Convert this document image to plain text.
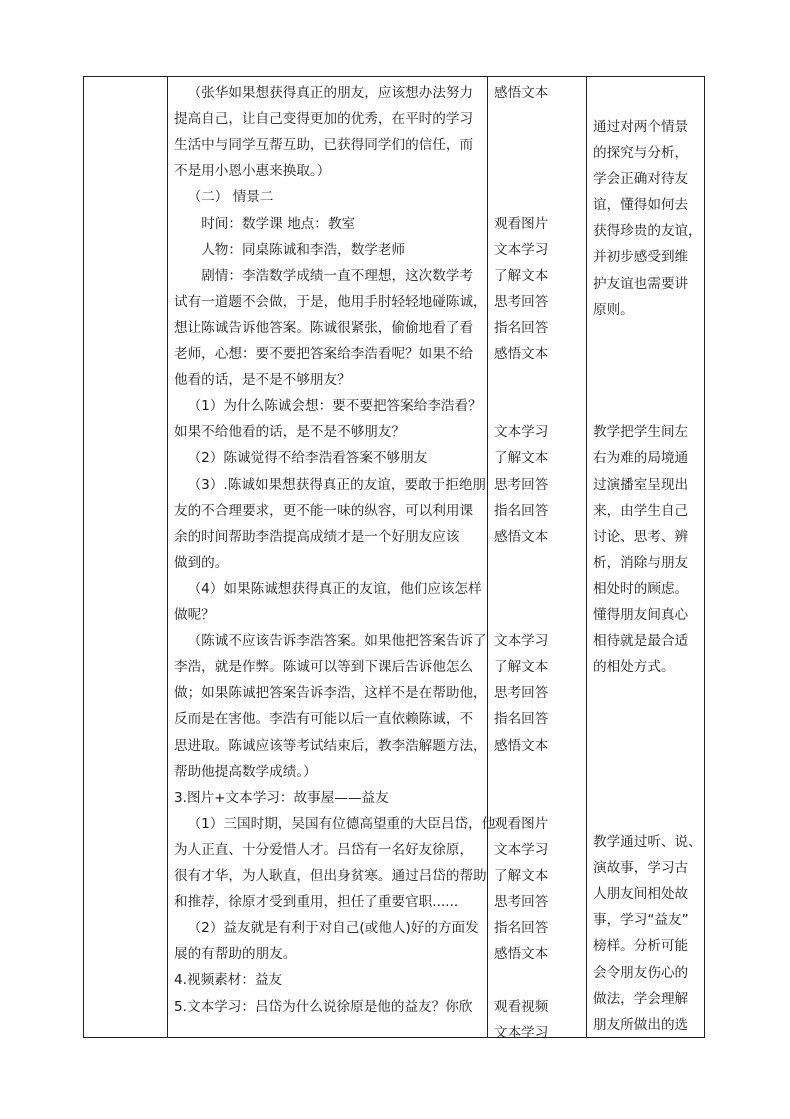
（张华如果想获得真正的朋友，应该想办法努力
提高自己，让自己变得更加的优秀，在平时的学习
生活中与同学互帮互助，已获得同学们的信任，而
不是用小恩小惠来换取。）
（二） 情景二
时间：数学课 地点：教室
人物：同桌陈诚和李浩，数学老师
剧情：李浩数学成绩一直不理想，这次数学考
试有一道题不会做，于是，他用手肘轻轻地碰陈诚，
想让陈诚告诉他答案。陈诚很紧张，偷偷地看了看
老师，心想：要不要把答案给李浩看呢？如果不给
他看的话，是不是不够朋友？
（1）为什么陈诚会想：要不要把答案给李浩看？
如果不给他看的话，是不是不够朋友？
（2）陈诚觉得不给李浩看答案不够朋友
（3）.陈诚如果想获得真正的友谊，要敢于拒绝朋
友的不合理要求，更不能一味的纵容，可以利用课
余的时间帮助李浩提高成绩才是一个好朋友应该
做到的。
（4）如果陈诚想获得真正的友谊，他们应该怎样
做呢？
（陈诚不应该告诉李浩答案。如果他把答案告诉了
李浩，就是作弊。陈诚可以等到下课后告诉他怎么
做；如果陈诚把答案告诉李浩，这样不是在帮助他，
反而是在害他。李浩有可能以后一直依赖陈诚，不
思进取。陈诚应该等考试结束后，教李浩解题方法，
帮助他提高数学成绩。）
3.图片+文本学习：故事屋——益友
（1）三国时期，吴国有位德高望重的大臣吕岱，他
为人正直、十分爱惜人才。吕岱有一名好友徐原，
很有才华，为人耿直，但出身贫寒。通过吕岱的帮助
和推荐，徐原才受到重用，担任了重要官职......
（2）益友就是有利于对自己(或他人)好的方面发
展的有帮助的朋友。
4.视频素材：益友
5.文本学习：吕岱为什么说徐原是他的益友？你欣
感悟文本
观看图片
文本学习
了解文本
思考回答
指名回答
感悟文本
文本学习
了解文本
思考回答
指名回答
感悟文本
文本学习
了解文本
思考回答
指名回答
感悟文本
观看图片
文本学习
了解文本
思考回答
指名回答
感悟文本
观看视频
文本学习
通过对两个情景
的探究与分析，
学会正确对待友
谊，懂得如何去
获得珍贵的友谊，
并初步感受到维
护友谊也需要讲
原则。
教学把学生间左
右为难的局境通
过演播室呈现出
来，由学生自己
讨论、思考、辨
析，消除与朋友
相处时的顾虑。
懂得朋友间真心
相待就是最合适
的相处方式。
教学通过听、说、
演故事，学习古
人朋友间相处故
事，学习“益友”
榜样。分析可能
会令朋友伤心的
做法，学会理解
朋友所做出的选
